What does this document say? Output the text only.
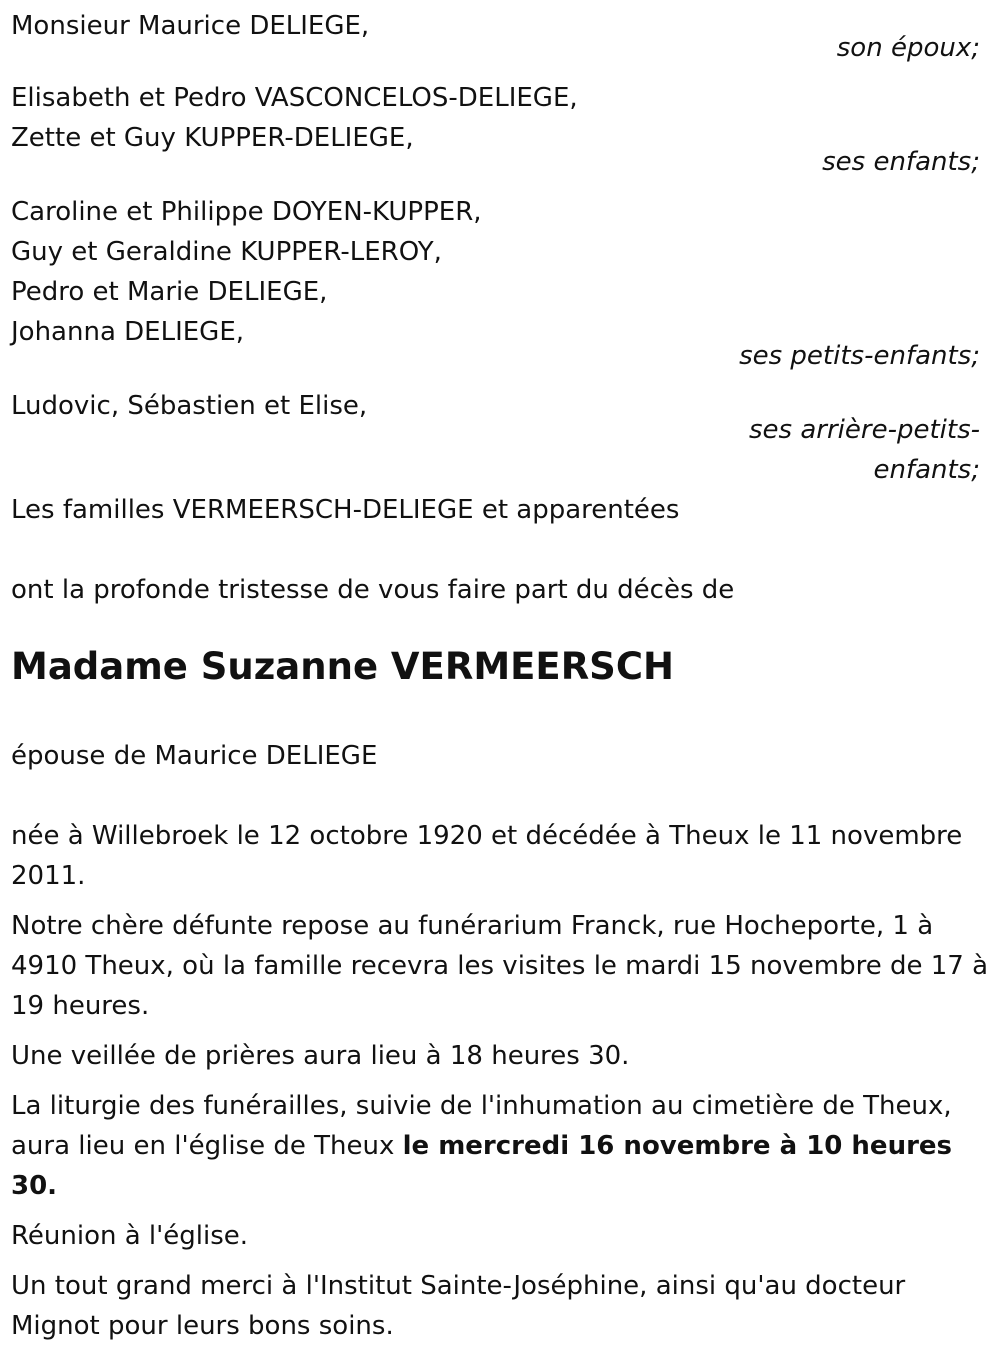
Monsieur Maurice DELIEGE,
son époux;
Elisabeth et Pedro VASCONCELOS-DELIEGE,
Zette et Guy KUPPER-DELIEGE,
ses enfants;
Caroline et Philippe DOYEN-KUPPER,
Guy et Geraldine KUPPER-LEROY,
Pedro et Marie DELIEGE,
Johanna DELIEGE,
ses petits-enfants;
Ludovic, Sébastien et Elise,
ses arrière-petits-
enfants;
Les familles VERMEERSCH-DELIEGE et apparentées
ont la profonde tristesse de vous faire part du décès de
Madame Suzanne VERMEERSCH
épouse de Maurice DELIEGE
née à Willebroek le 12 octobre 1920 et décédée à Theux le 11 novembre 2011.
Notre chère défunte repose au funérarium Franck, rue Hocheporte, 1 à 4910 Theux, où la famille recevra les visites le mardi 15 novembre de 17 à 19 heures.
Une veillée de prières aura lieu à 18 heures 30.
La liturgie des funérailles, suivie de l'inhumation au cimetière de Theux, aura lieu en l'église de Theux le mercredi 16 novembre à 10 heures 30.
Réunion à l'église.
Un tout grand merci à l'Institut Sainte-Joséphine, ainsi qu'au docteur Mignot pour leurs bons soins.
